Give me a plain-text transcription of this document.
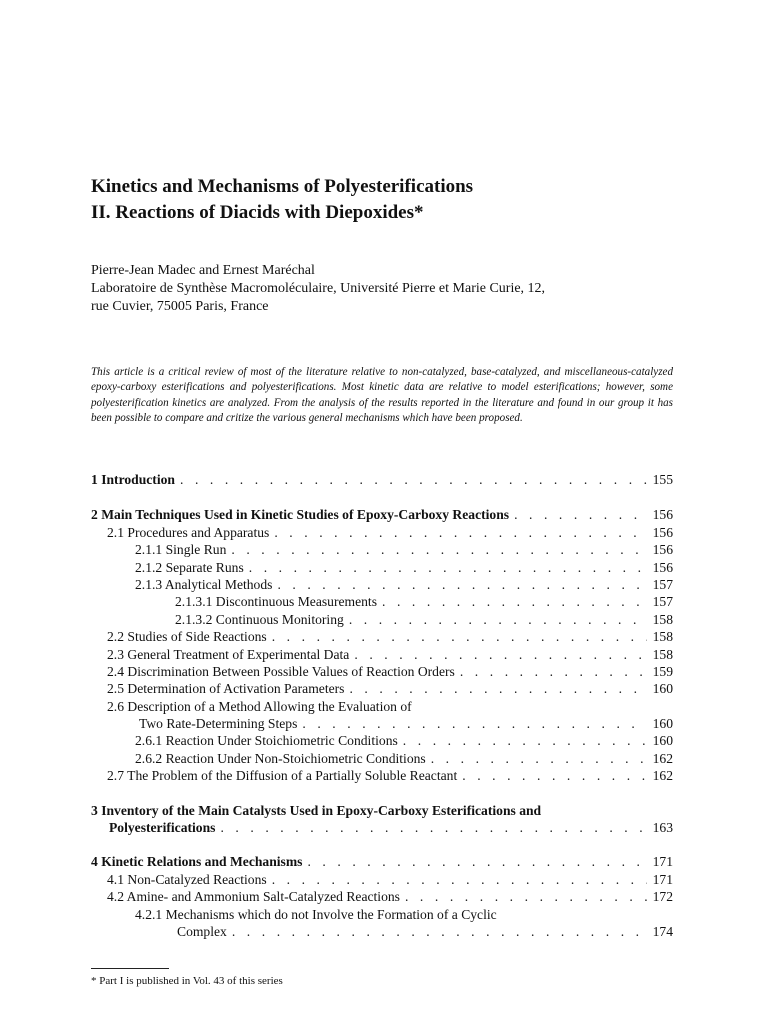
Kinetics and Mechanisms of Polyesterifications
II. Reactions of Diacids with Diepoxides*
Pierre-Jean Madec and Ernest Maréchal
Laboratoire de Synthèse Macromoléculaire, Université Pierre et Marie Curie, 12,
rue Cuvier, 75005 Paris, France
This article is a critical review of most of the literature relative to non-catalyzed, base-catalyzed, and miscellaneous-catalyzed epoxy-carboxy esterifications and polyesterifications. Most kinetic data are relative to model esterifications; however, some polyesterification kinetics are analyzed. From the analysis of the results reported in the literature and found in our group it has been possible to compare and critize the various general mechanisms which have been proposed.
1 Introduction . . .	155
2 Main Techniques Used in Kinetic Studies of Epoxy-Carboxy Reactions . . .	156
2.1 Procedures and Apparatus . . .	156
2.1.1 Single Run . . .	156
2.1.2 Separate Runs . . .	156
2.1.3 Analytical Methods . . .	157
2.1.3.1 Discontinuous Measurements . . .	157
2.1.3.2 Continuous Monitoring . . .	158
2.2 Studies of Side Reactions . . .	158
2.3 General Treatment of Experimental Data . . .	158
2.4 Discrimination Between Possible Values of Reaction Orders . . .	159
2.5 Determination of Activation Parameters . . .	160
2.6 Description of a Method Allowing the Evaluation of
Two Rate-Determining Steps . . .	160
2.6.1 Reaction Under Stoichiometric Conditions . . .	160
2.6.2 Reaction Under Non-Stoichiometric Conditions . . .	162
2.7 The Problem of the Diffusion of a Partially Soluble Reactant . . .	162
3 Inventory of the Main Catalysts Used in Epoxy-Carboxy Esterifications and
Polyesterifications . . .	163
4 Kinetic Relations and Mechanisms . . .	171
4.1 Non-Catalyzed Reactions . . .	171
4.2 Amine- and Ammonium Salt-Catalyzed Reactions . . .	172
4.2.1 Mechanisms which do not Involve the Formation of a Cyclic
Complex . . .	174
* Part I is published in Vol. 43 of this series
